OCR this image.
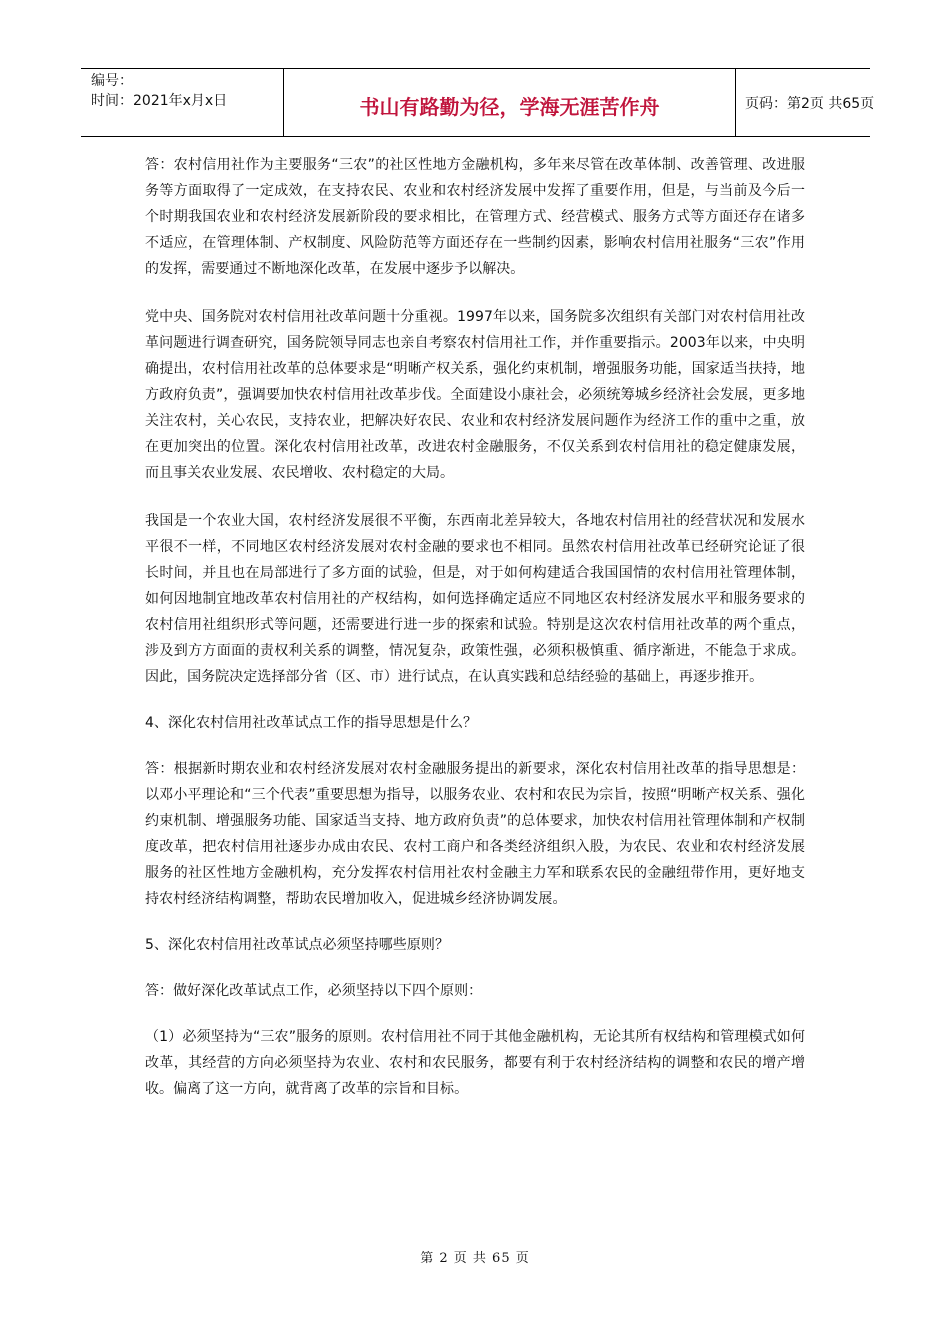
编号：
时间：2021年x月x日	书山有路勤为径，学海无涯苦作舟	页码：第2页 共65页

答：农村信用社作为主要服务“三农”的社区性地方金融机构，多年来尽管在改革体制、改善管理、改进服务等方面取得了一定成效，在支持农民、农业和农村经济发展中发挥了重要作用，但是，与当前及今后一个时期我国农业和农村经济发展新阶段的要求相比，在管理方式、经营模式、服务方式等方面还存在诸多不适应，在管理体制、产权制度、风险防范等方面还存在一些制约因素，影响农村信用社服务“三农”作用的发挥，需要通过不断地深化改革，在发展中逐步予以解决。

党中央、国务院对农村信用社改革问题十分重视。1997年以来，国务院多次组织有关部门对农村信用社改革问题进行调查研究，国务院领导同志也亲自考察农村信用社工作，并作重要指示。2003年以来，中央明确提出，农村信用社改革的总体要求是“明晰产权关系，强化约束机制，增强服务功能，国家适当扶持，地方政府负责”，强调要加快农村信用社改革步伐。全面建设小康社会，必须统筹城乡经济社会发展，更多地关注农村，关心农民，支持农业，把解决好农民、农业和农村经济发展问题作为经济工作的重中之重，放在更加突出的位置。深化农村信用社改革，改进农村金融服务，不仅关系到农村信用社的稳定健康发展，而且事关农业发展、农民增收、农村稳定的大局。

我国是一个农业大国，农村经济发展很不平衡，东西南北差异较大，各地农村信用社的经营状况和发展水平很不一样，不同地区农村经济发展对农村金融的要求也不相同。虽然农村信用社改革已经研究论证了很长时间，并且也在局部进行了多方面的试验，但是，对于如何构建适合我国国情的农村信用社管理体制，如何因地制宜地改革农村信用社的产权结构，如何选择确定适应不同地区农村经济发展水平和服务要求的农村信用社组织形式等问题，还需要进行进一步的探索和试验。特别是这次农村信用社改革的两个重点，涉及到方方面面的责权利关系的调整，情况复杂，政策性强，必须积极慎重、循序渐进，不能急于求成。因此，国务院决定选择部分省（区、市）进行试点，在认真实践和总结经验的基础上，再逐步推开。

4、深化农村信用社改革试点工作的指导思想是什么？

答：根据新时期农业和农村经济发展对农村金融服务提出的新要求，深化农村信用社改革的指导思想是：以邓小平理论和“三个代表”重要思想为指导，以服务农业、农村和农民为宗旨，按照“明晰产权关系、强化约束机制、增强服务功能、国家适当支持、地方政府负责”的总体要求，加快农村信用社管理体制和产权制度改革，把农村信用社逐步办成由农民、农村工商户和各类经济组织入股，为农民、农业和农村经济发展服务的社区性地方金融机构，充分发挥农村信用社农村金融主力军和联系农民的金融纽带作用，更好地支持农村经济结构调整，帮助农民增加收入，促进城乡经济协调发展。

5、深化农村信用社改革试点必须坚持哪些原则？

答：做好深化改革试点工作，必须坚持以下四个原则：

（1）必须坚持为“三农”服务的原则。农村信用社不同于其他金融机构，无论其所有权结构和管理模式如何改革，其经营的方向必须坚持为农业、农村和农民服务，都要有利于农村经济结构的调整和农民的增产增收。偏离了这一方向，就背离了改革的宗旨和目标。

第 2 页 共 65 页
